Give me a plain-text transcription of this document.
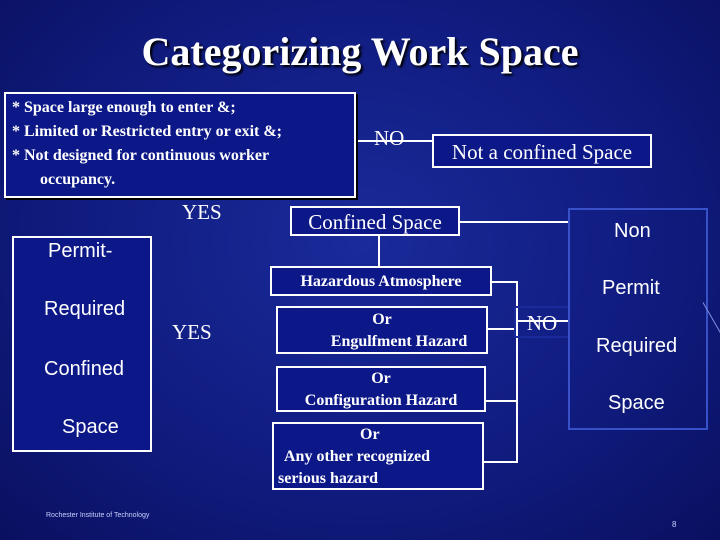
Categorizing Work Space
* Space large enough to enter &;
* Limited or Restricted entry or exit &;
* Not designed for continuous worker
occupancy.
NO
Not a confined Space
YES	Confined Space
Permit-
Required
Confined
Space
YES
Hazardous Atmosphere
Or
Engulfment Hazard
Or
Configuration Hazard
Or
Any other recognized
serious hazard
NO
Non
Permit
Required
Space
Rochester Institute of Technology
8
